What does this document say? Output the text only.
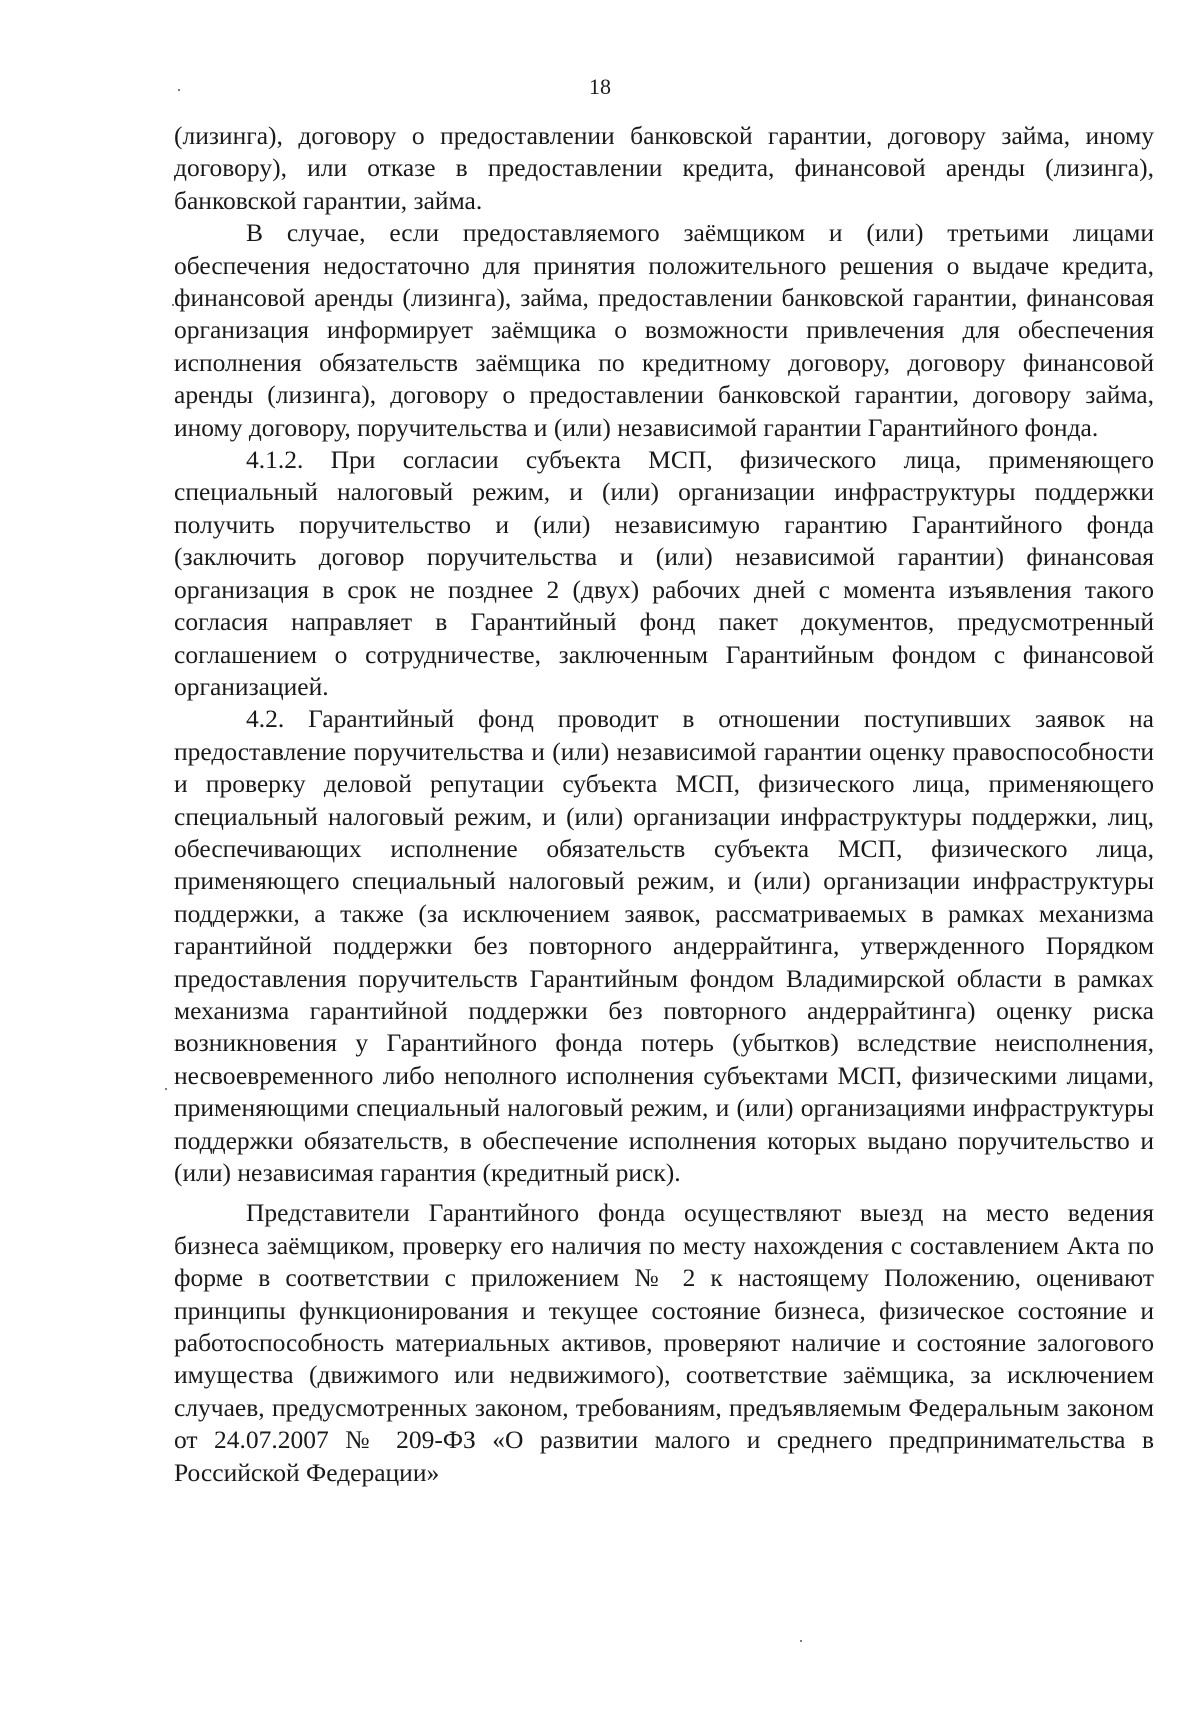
18

(лизинга), договору о предоставлении банковской гарантии, договору займа, иному договору), или отказе в предоставлении кредита, финансовой аренды (лизинга), банковской гарантии, займа.

В случае, если предоставляемого заёмщиком и (или) третьими лицами обеспечения недостаточно для принятия положительного решения о выдаче кредита, финансовой аренды (лизинга), займа, предоставлении банковской гарантии, финансовая организация информирует заёмщика о возможности привлечения для обеспечения исполнения обязательств заёмщика по кредитному договору, договору финансовой аренды (лизинга), договору о предоставлении банковской гарантии, договору займа, иному договору, поручительства и (или) независимой гарантии Гарантийного фонда.

4.1.2. При согласии субъекта МСП, физического лица, применяющего специальный налоговый режим, и (или) организации инфраструктуры поддержки получить поручительство и (или) независимую гарантию Гарантийного фонда (заключить договор поручительства и (или) независимой гарантии) финансовая организация в срок не позднее 2 (двух) рабочих дней с момента изъявления такого согласия направляет в Гарантийный фонд пакет документов, предусмотренный соглашением о сотрудничестве, заключенным Гарантийным фондом с финансовой организацией.

4.2. Гарантийный фонд проводит в отношении поступивших заявок на предоставление поручительства и (или) независимой гарантии оценку правоспособности и проверку деловой репутации субъекта МСП, физического лица, применяющего специальный налоговый режим, и (или) организации инфраструктуры поддержки, лиц, обеспечивающих исполнение обязательств субъекта МСП, физического лица, применяющего специальный налоговый режим, и (или) организации инфраструктуры поддержки, а также (за исключением заявок, рассматриваемых в рамках механизма гарантийной поддержки без повторного андеррайтинга, утвержденного Порядком предоставления поручительств Гарантийным фондом Владимирской области в рамках механизма гарантийной поддержки без повторного андеррайтинга) оценку риска возникновения у Гарантийного фонда потерь (убытков) вследствие неисполнения, несвоевременного либо неполного исполнения субъектами МСП, физическими лицами, применяющими специальный налоговый режим, и (или) организациями инфраструктуры поддержки обязательств, в обеспечение исполнения которых выдано поручительство и (или) независимая гарантия (кредитный риск).

Представители Гарантийного фонда осуществляют выезд на место ведения бизнеса заёмщиком, проверку его наличия по месту нахождения с составлением Акта по форме в соответствии с приложением № 2 к настоящему Положению, оценивают принципы функционирования и текущее состояние бизнеса, физическое состояние и работоспособность материальных активов, проверяют наличие и состояние залогового имущества (движимого или недвижимого), соответствие заёмщика, за исключением случаев, предусмотренных законом, требованиям, предъявляемым Федеральным законом от 24.07.2007 № 209-ФЗ «О развитии малого и среднего предпринимательства в Российской Федерации»
